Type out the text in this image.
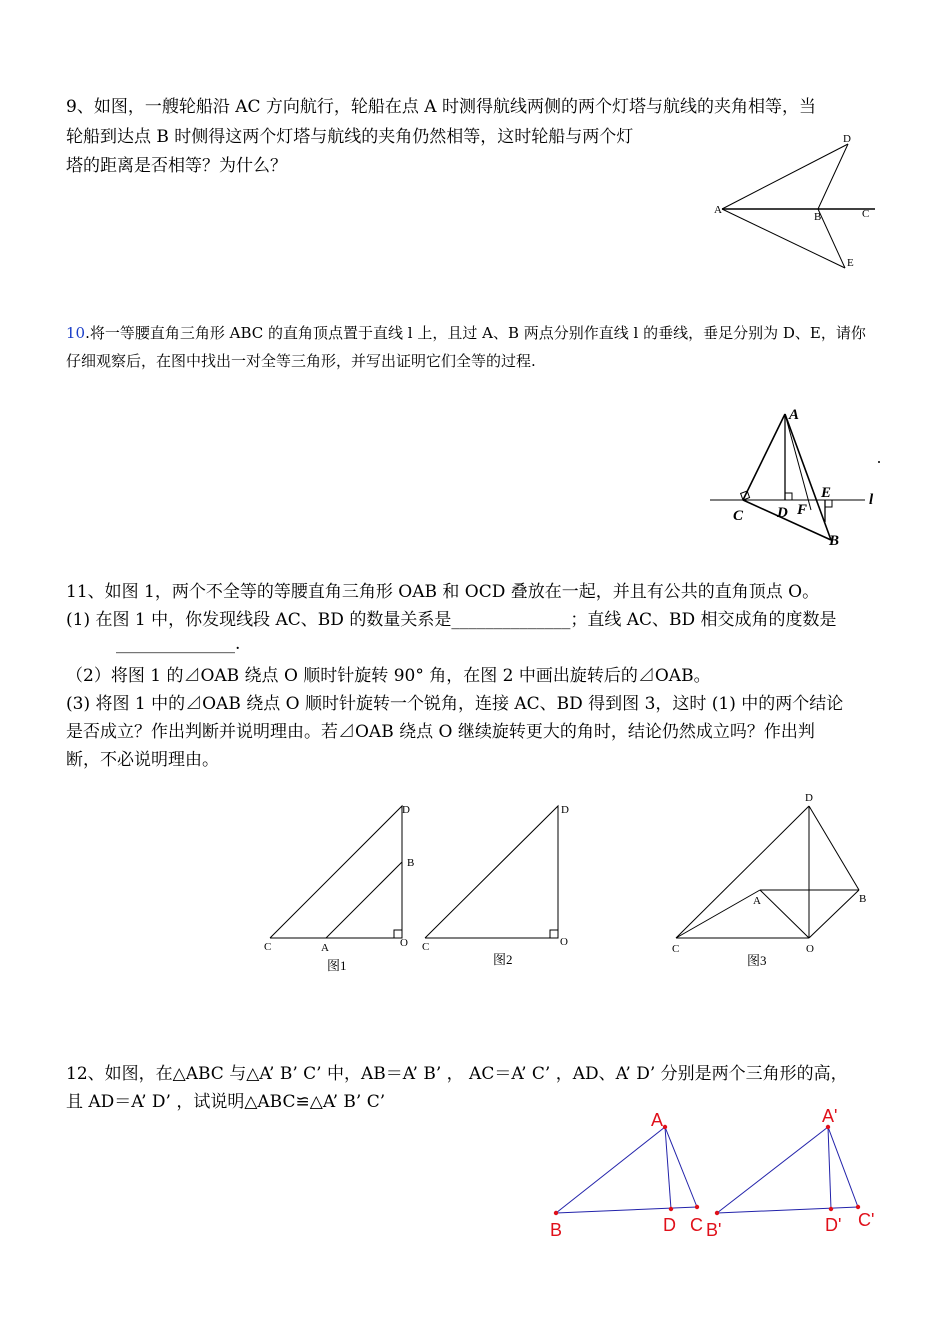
9、如图，一艘轮船沿 AC 方向航行，轮船在点 A 时测得航线两侧的两个灯塔与航线的夹角相等，当

轮船到达点 B 时侧得这两个灯塔与航线的夹角仍然相等，这时轮船与两个灯

塔的距离是否相等？为什么？

A
D
B	C
E

10.将一等腰直角三角形 ABC 的直角顶点置于直线 l 上，且过 A、B 两点分别作直线 l 的垂线，垂足分别为 D、E，请你

仔细观察后，在图中找出一对全等三角形，并写出证明它们全等的过程.

A
C D F
E
B
l

11、如图 1，两个不全等的等腰直角三角形 OAB 和 OCD 叠放在一起，并且有公共的直角顶点 O。

(1) 在图 1 中，你发现线段 AC、BD 的数量关系是______________；直线 AC、BD 相交成角的度数是

______________.

（2）将图 1 的⊿OAB 绕点 O 顺时针旋转 90° 角，在图 2 中画出旋转后的⊿OAB。

(3) 将图 1 中的⊿OAB 绕点 O 顺时针旋转一个锐角，连接 AC、BD 得到图 3，这时 (1) 中的两个结论

是否成立？作出判断并说明理由。若⊿OAB 绕点 O 继续旋转更大的角时，结论仍然成立吗？作出判

断，不必说明理由。

C	A	O
B
D
图1
C	O
D
图2
C
A
O
B
D
图3

12、如图，在△ABC 与△A’ B’ C’ 中，AB＝A’ B’ ， AC＝A’ C’ ，AD、A’ D’ 分别是两个三角形的高，

且 AD＝A’ D’ ，试说明△ABC≌△A’ B’ C’

A
B	D C
A'
B'	D' C'
